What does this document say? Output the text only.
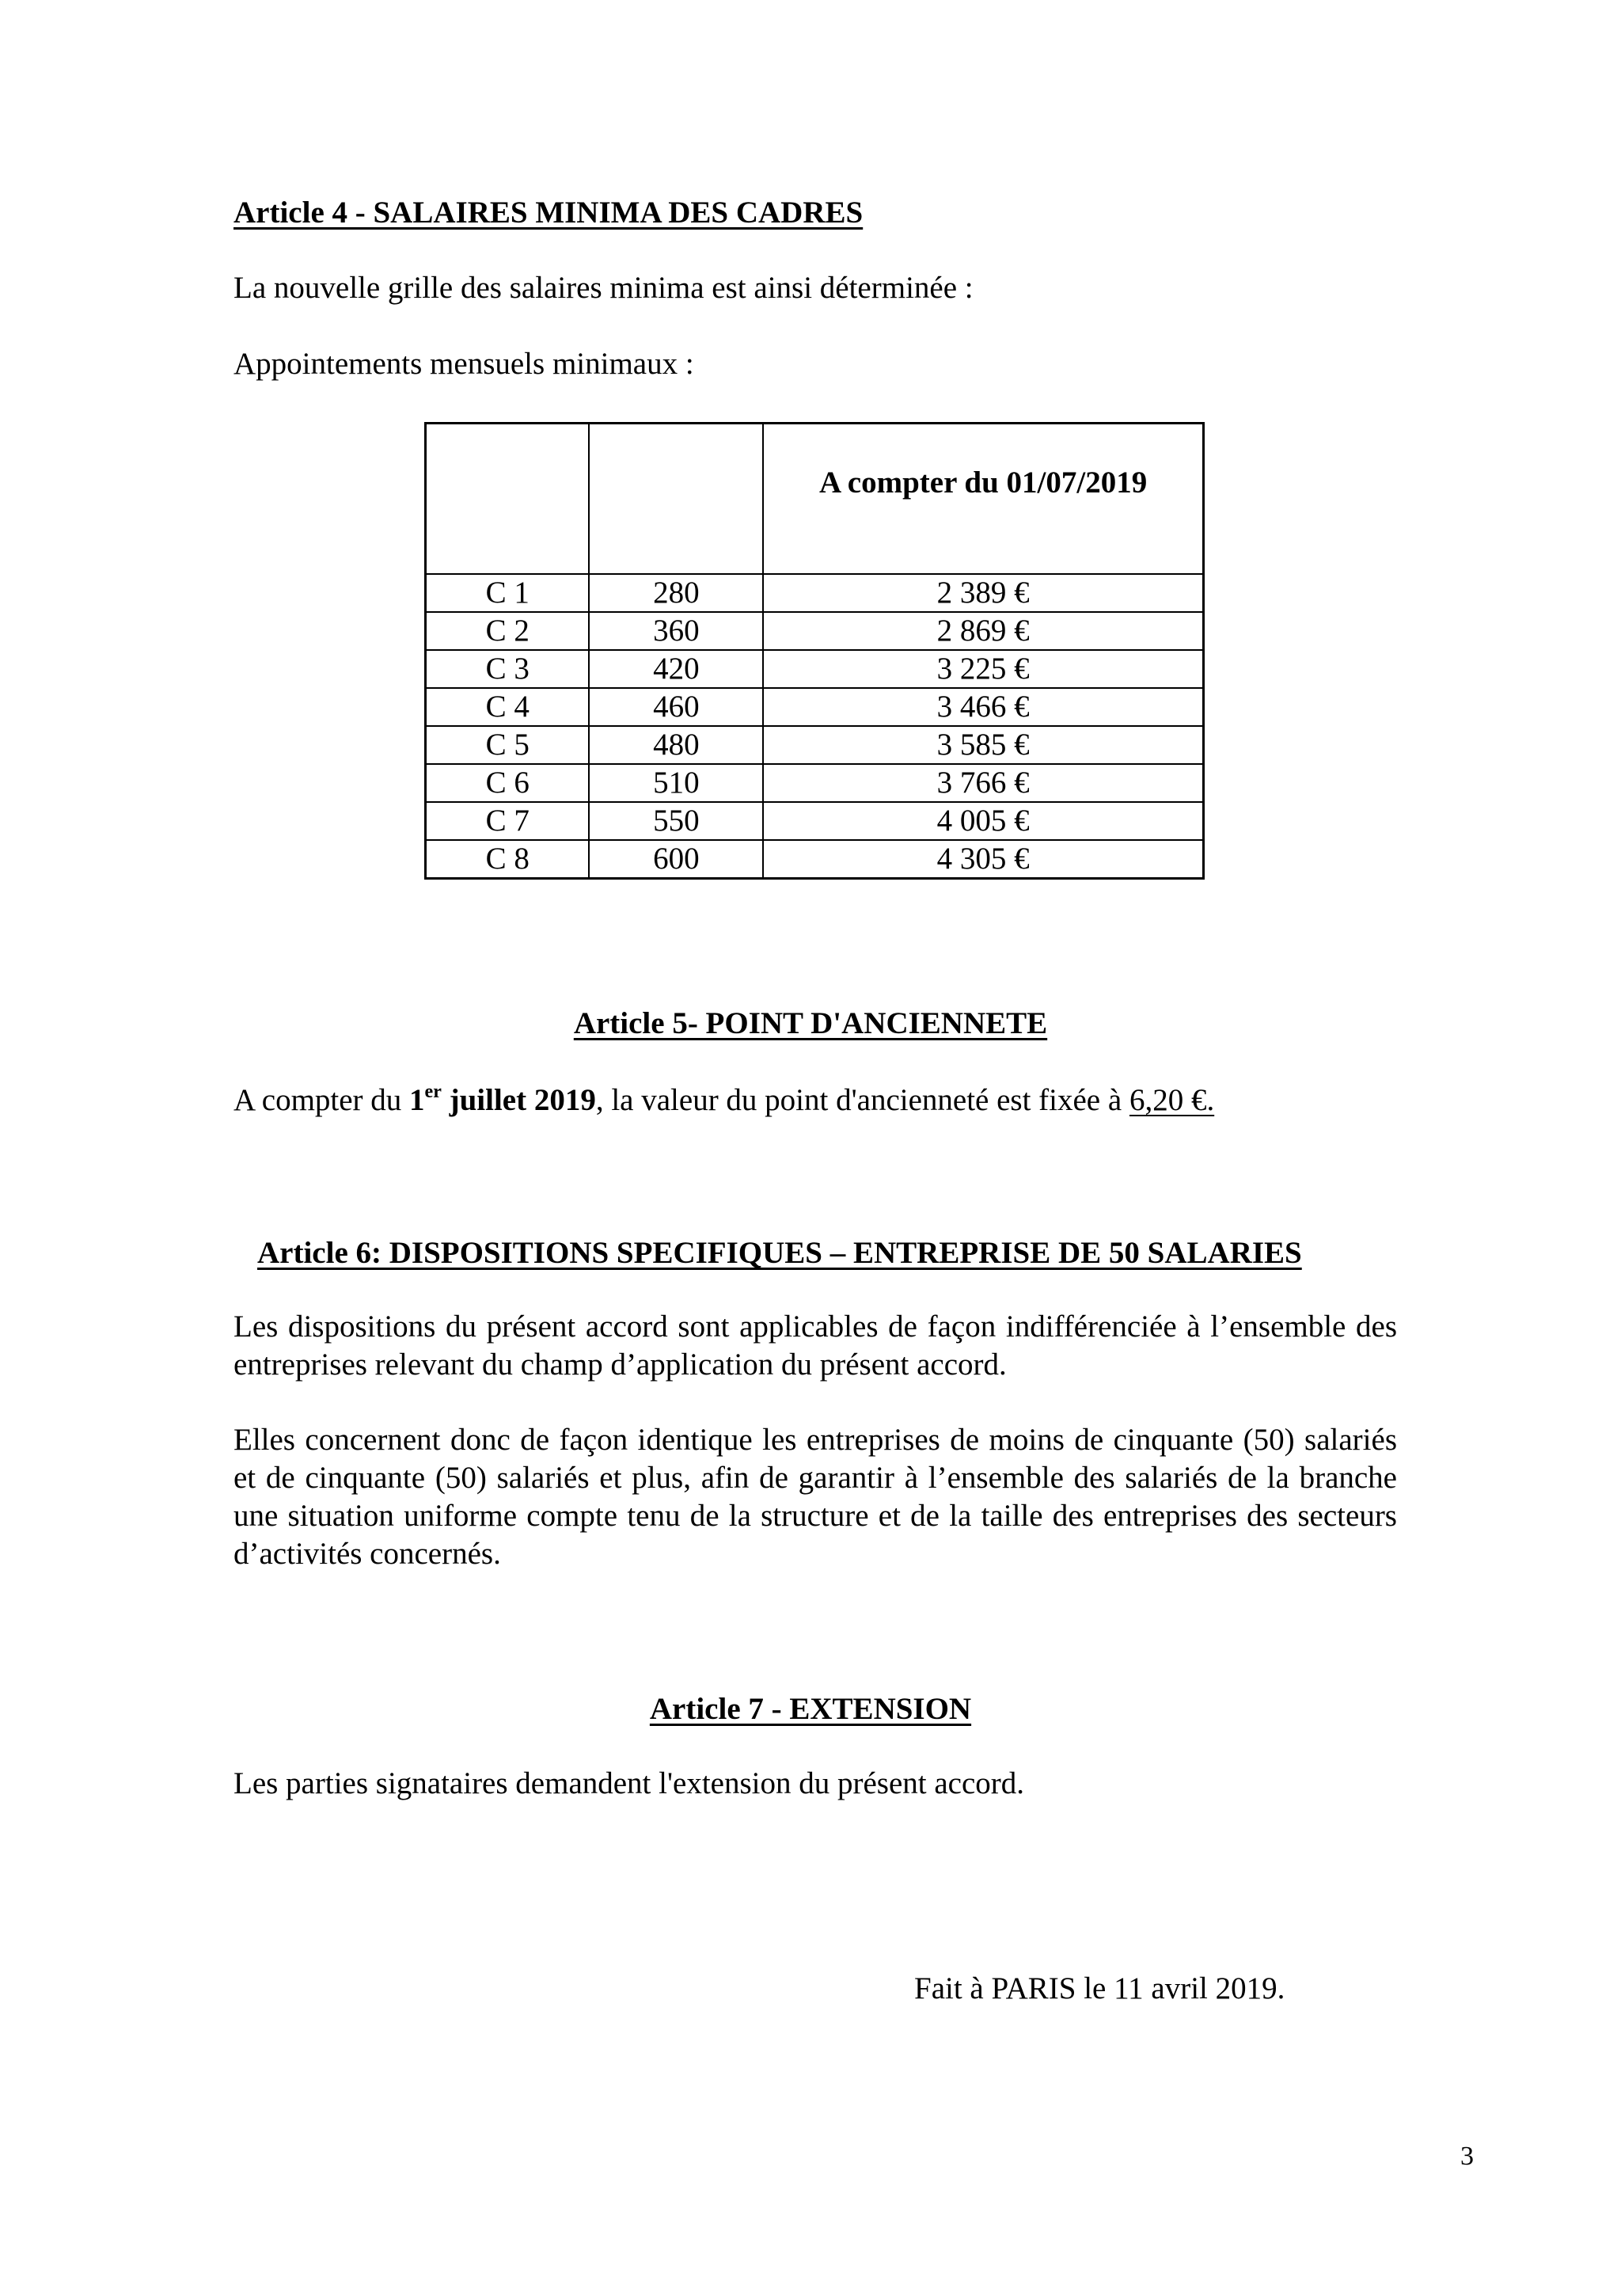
Article 4 - SALAIRES MINIMA DES CADRES
La nouvelle grille des salaires minima est ainsi déterminée :
Appointements mensuels minimaux :
		A compter du 01/07/2019
C 1	280	2 389 €
C 2	360	2 869 €
C 3	420	3 225 €
C 4	460	3 466 €
C 5	480	3 585 €
C 6	510	3 766 €
C 7	550	4 005 €
C 8	600	4 305 €
Article 5- POINT D'ANCIENNETE
A compter du 1er juillet 2019, la valeur du point d'ancienneté est fixée à 6,20 €.
Article 6: DISPOSITIONS SPECIFIQUES – ENTREPRISE DE 50 SALARIES

Les dispositions du présent accord sont applicables de façon indifférenciée à l’ensemble des entreprises relevant du champ d’application du présent accord.

Elles concernent donc de façon identique les entreprises de moins de cinquante (50) salariés et de cinquante (50) salariés et plus, afin de garantir à l’ensemble des salariés de la branche une situation uniforme compte tenu de la structure et de la taille des entreprises des secteurs d’activités concernés.

Article 7 - EXTENSION
Les parties signataires demandent l'extension du présent accord.
Fait à PARIS le 11 avril 2019.
3
